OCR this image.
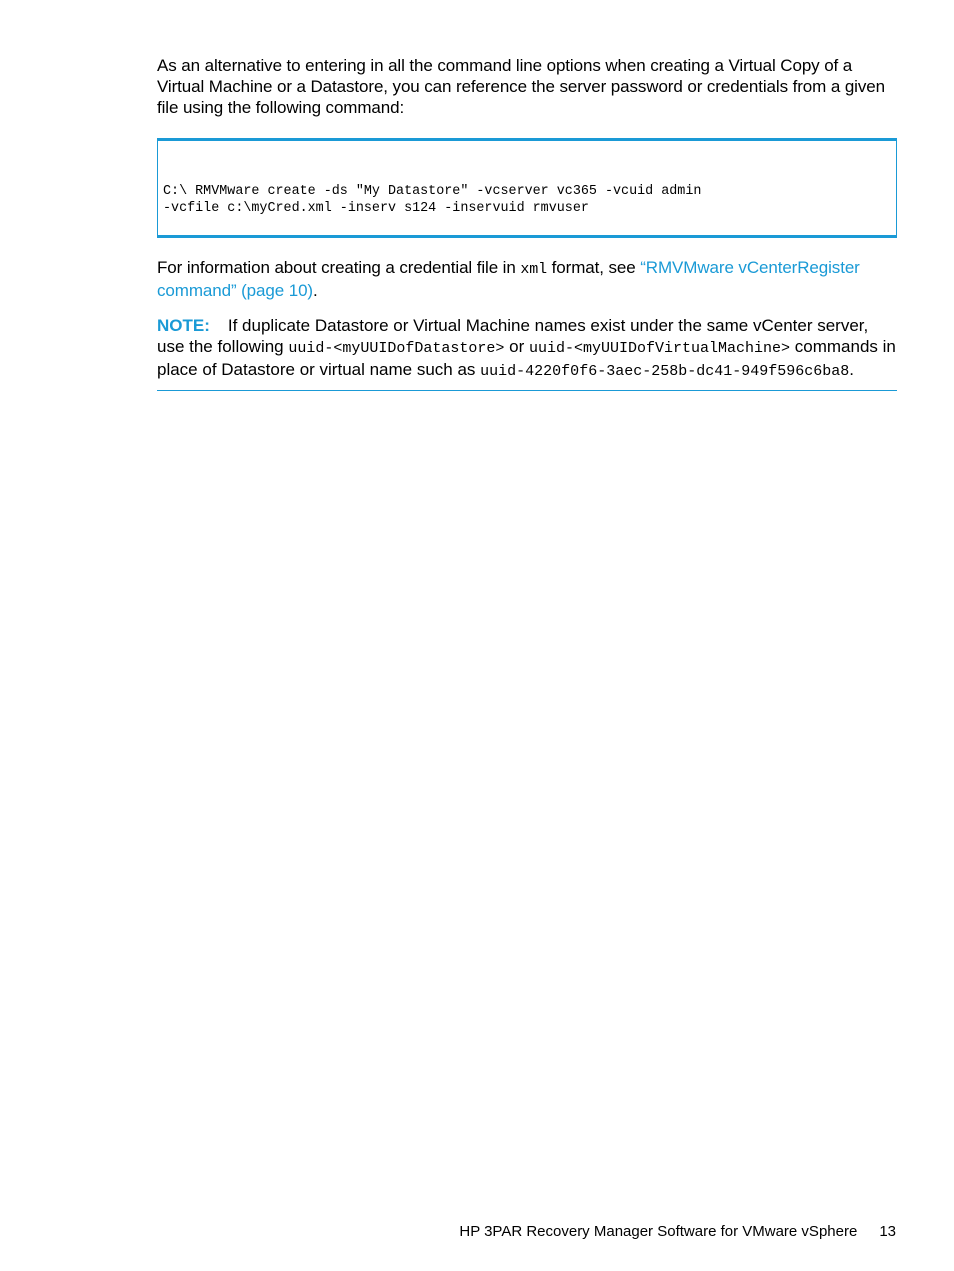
As an alternative to entering in all the command line options when creating a Virtual Copy of a Virtual Machine or a Datastore, you can reference the server password or credentials from a given file using the following command:

C:\ RMVMware create -ds "My Datastore" -vcserver vc365 -vcuid admin
-vcfile c:\myCred.xml -inserv s124 -inservuid rmvuser

For information about creating a credential file in xml format, see “RMVMware vCenterRegister command” (page 10).

NOTE: If duplicate Datastore or Virtual Machine names exist under the same vCenter server, use the following uuid-<myUUIDofDatastore> or uuid-<myUUIDofVirtualMachine> commands in place of Datastore or virtual name such as uuid-4220f0f6-3aec-258b-dc41-949f596c6ba8.
HP 3PAR Recovery Manager Software for VMware vSphere 13
